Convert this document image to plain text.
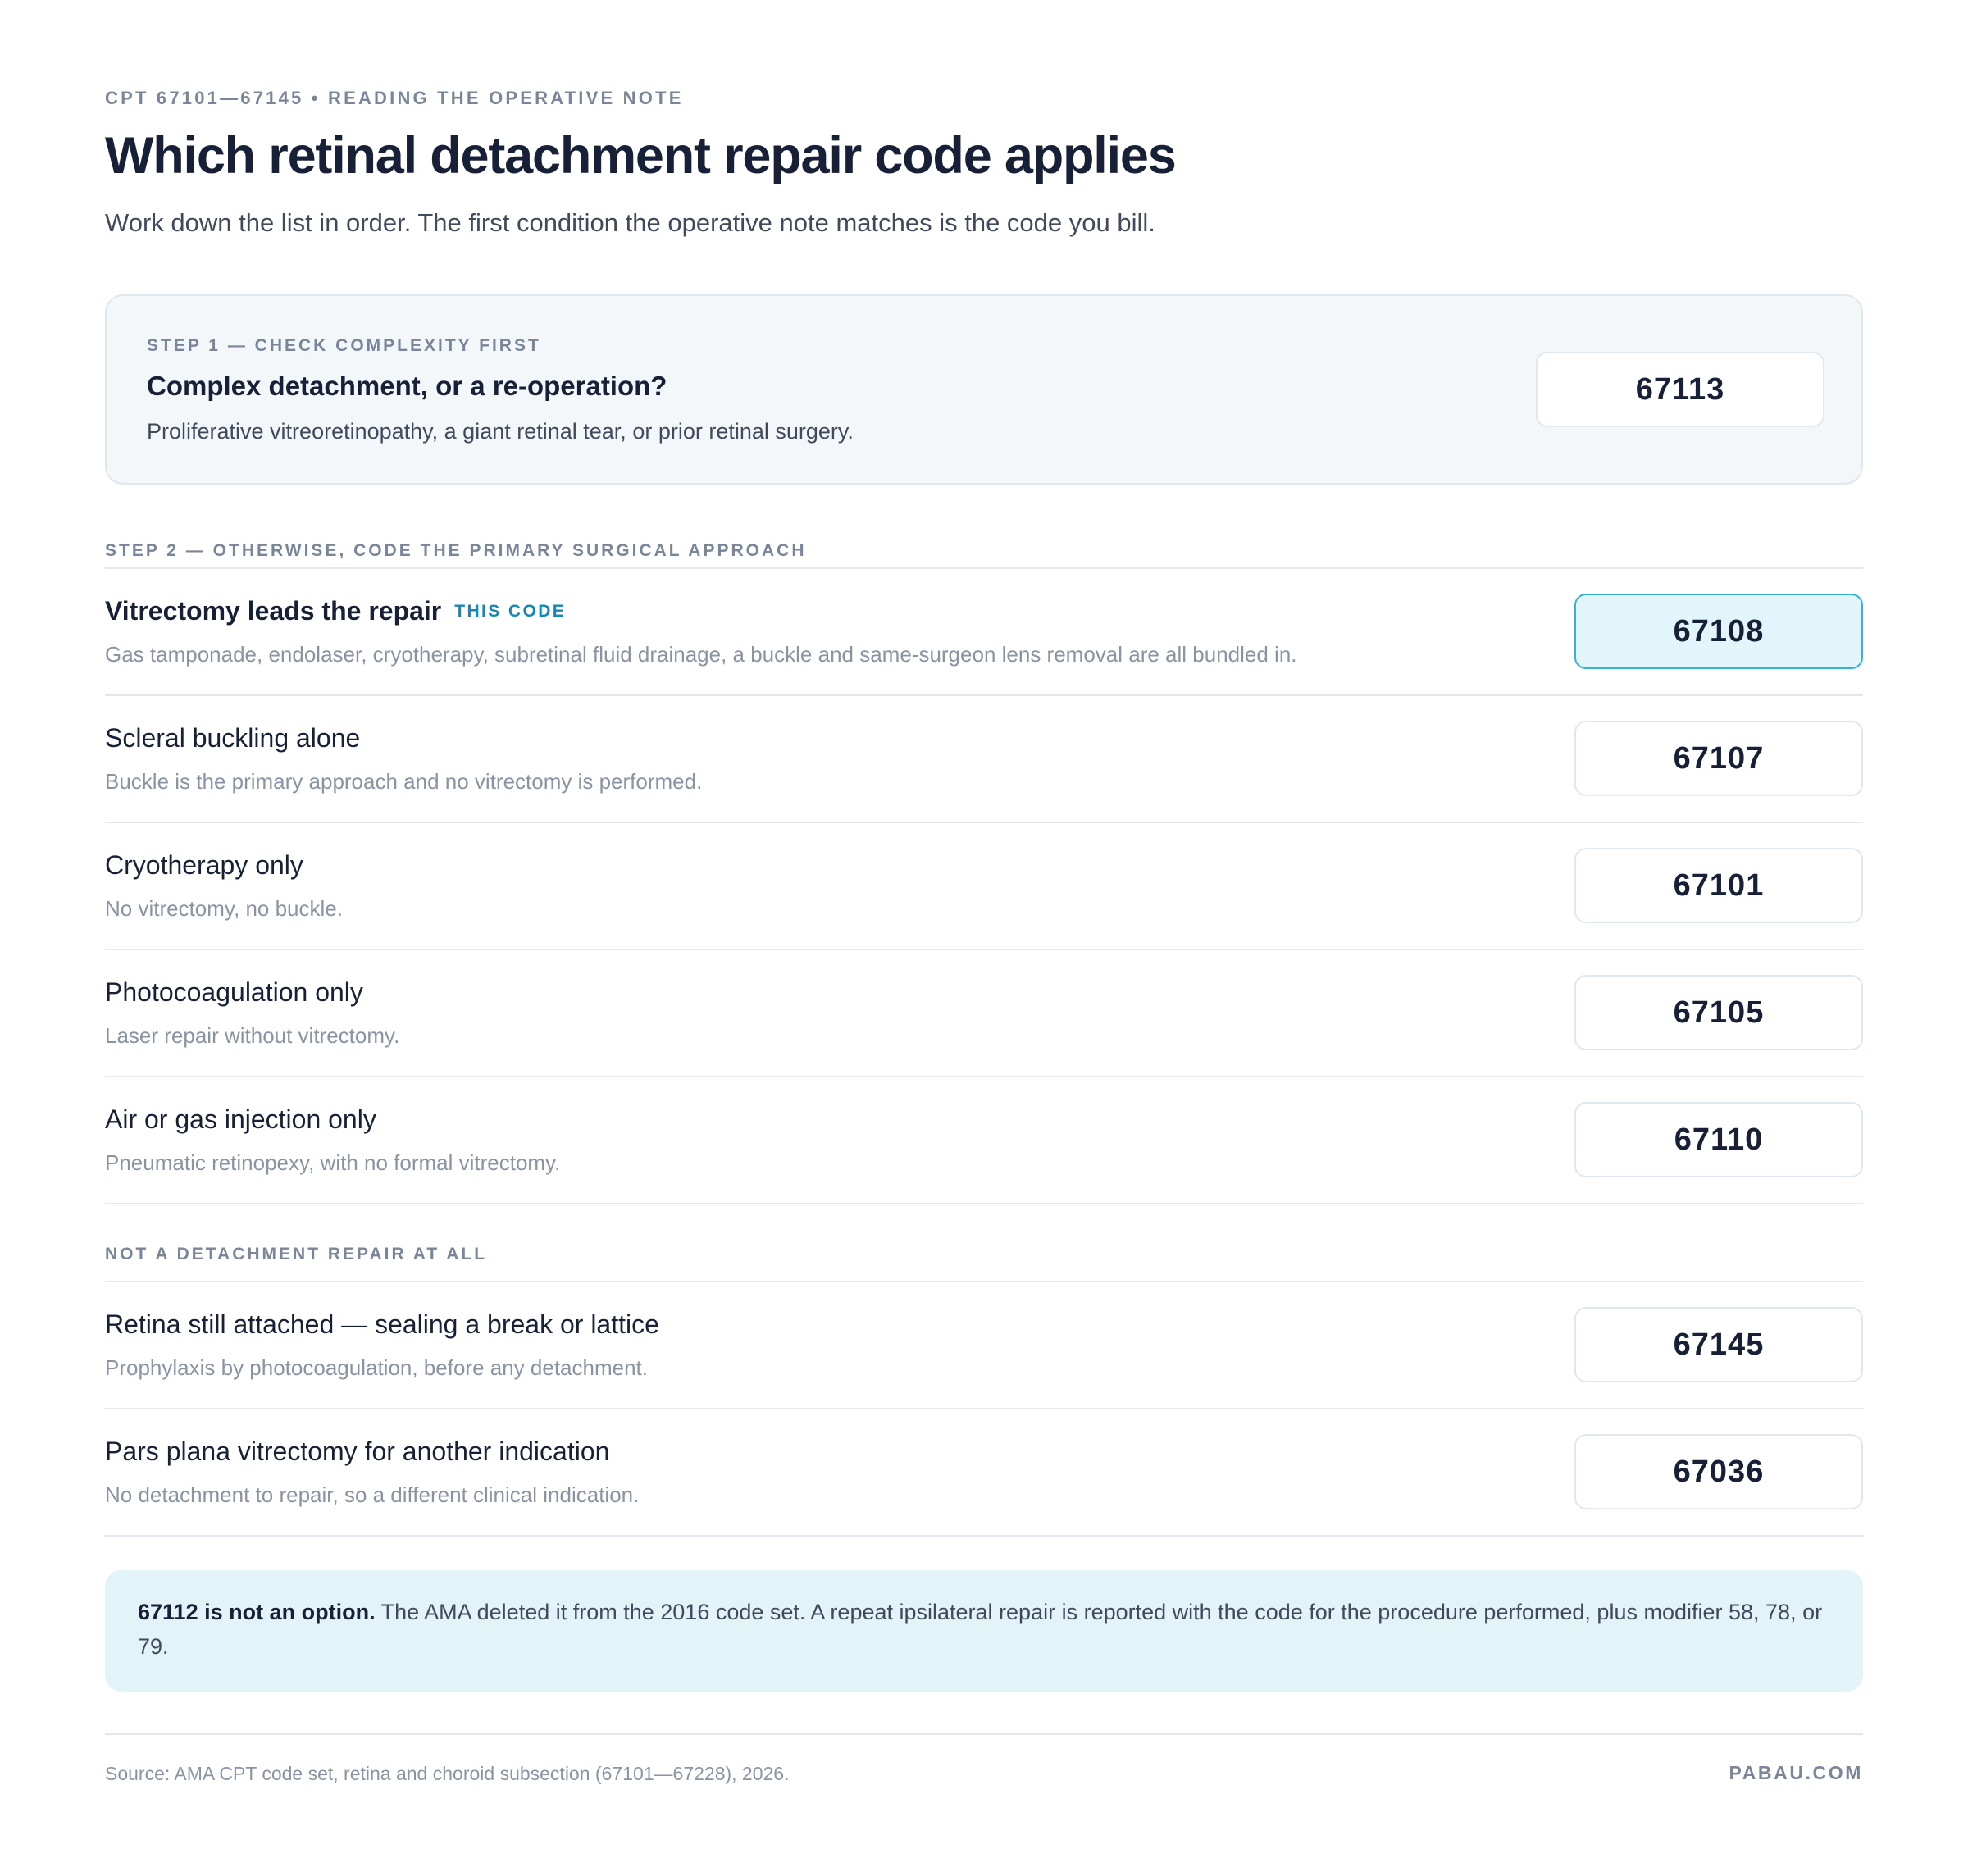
CPT 67101—67145 • READING THE OPERATIVE NOTE
Which retinal detachment repair code applies
Work down the list in order. The first condition the operative note matches is the code you bill.
STEP 1 — CHECK COMPLEXITY FIRST
Complex detachment, or a re-operation?
Proliferative vitreoretinopathy, a giant retinal tear, or prior retinal surgery.
67113
STEP 2 — OTHERWISE, CODE THE PRIMARY SURGICAL APPROACH
Vitrectomy leads the repair THIS CODE
Gas tamponade, endolaser, cryotherapy, subretinal fluid drainage, a buckle and same-surgeon lens removal are all bundled in.
67108
Scleral buckling alone
Buckle is the primary approach and no vitrectomy is performed.
67107
Cryotherapy only
No vitrectomy, no buckle.
67101
Photocoagulation only
Laser repair without vitrectomy.
67105
Air or gas injection only
Pneumatic retinopexy, with no formal vitrectomy.
67110
NOT A DETACHMENT REPAIR AT ALL
Retina still attached — sealing a break or lattice
Prophylaxis by photocoagulation, before any detachment.
67145
Pars plana vitrectomy for another indication
No detachment to repair, so a different clinical indication.
67036
67112 is not an option. The AMA deleted it from the 2016 code set. A repeat ipsilateral repair is reported with the code for the procedure performed, plus modifier 58, 78, or 79.
Source: AMA CPT code set, retina and choroid subsection (67101—67228), 2026.	PABAU.COM
